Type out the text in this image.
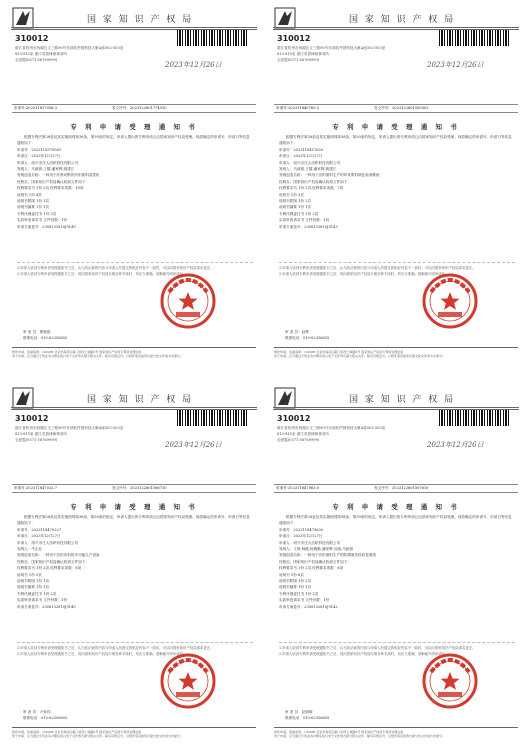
国 家 知 识 产 权 局
310012
浙江省杭州市西湖区文三路90号东部软件园科技大厦A座502-503室
813-815室 浙江英普律师事务所
毛爱霞(0571-56769999)
2023年12月26日
申请号: 202311837056.3	发文序号: 2023122601774510
专 利 申 请 受 理 通 知 书
根据专利法第28条及其实施细则第38条、第39条的规定，申请人提出的专利申请已由国家知识产权局受理。现将确定的申请号、申请日等信息通知如下：
申请号：2023118370563
申请日：2023年12月27日
申请人：绍兴市庄大纺织科技有限公司
发明人：马政骐,王耀,潘家辉,姚建江
发明创造名称：一种用于纤维切断的纺织面料清洗机
经核实，国家知识产权局确认收到文件如下：
权利要求书 1份 2页,权利要求项数：10项
说明书 1份 4页
说明书附图 1份 3页
说明书摘要 1份 1页
专利代理委托书 1份 2页
实质审查请求书 文件份数：1份
申请方案卷号：2308132810J9149
1.申请人收到专利申请受理通知书之后，认为其记载的内容与申请人所提交的相应内容不一致时，可以向国家知识产权局请求更正。
2.申请人收到专利申请受理通知书之后，再向国家知识产权局办理各种手续时，均应当准确、清晰地写明申请号。
审 查 员：曹艳艳
联系电话：010-62356655
纸件申请，回函请寄：100088 北京市海淀区蓟门桥西土城路6号 国家知识产权局专利局受理处收
电子申请，应当通过专利业务办理系统以电子文件形式提交相关文件。除另有规定外，以纸件等其他形式提交的文件视为未提交。
国 家 知 识 产 权 局
310012
浙江省杭州市西湖区文三路90号东部软件园科技大厦A座502-503室
813-815室 浙江英普律师事务所
毛爱霞(0571-56769999)
2023年12月26日
申请号: 202311845765.0	发文序号: 2023122601550502
专 利 申 请 受 理 通 知 书
根据专利法第28条及其实施细则第38条、第39条的规定，申请人提出的专利申请已由国家知识产权局受理。现将确定的申请号、申请日等信息通知如下：
申请号：2023118457650
申请日：2023年12月27日
申请人：绍兴市庄大纺织科技有限公司
发明人：马政骐,王耀,潘家辉,姚建江
发明创造名称：一种用于纺织面料生产的印染浆料颜色检测系统
经核实，国家知识产权局确认收到文件如下：
权利要求书 1份 2页,权利要求项数：7项
说明书 1份 5页
说明书附图 1份 2页
说明书摘要 1份 1页
专利代理委托书 1份 2页
实质审查请求书 文件份数：1份
申请方案卷号：2308132810J9143
1.申请人收到专利申请受理通知书之后，认为其记载的内容与申请人所提交的相应内容不一致时，可以向国家知识产权局请求更正。
2.申请人收到专利申请受理通知书之后，再向国家知识产权局办理各种手续时，均应当准确、清晰地写明申请号。
审 查 员：赵辉
联系电话：010-62356655
纸件申请，回函请寄：100088 北京市海淀区蓟门桥西土城路6号 国家知识产权局专利局受理处收
电子申请，应当通过专利业务办理系统以电子文件形式提交相关文件。除另有规定外，以纸件等其他形式提交的文件视为未提交。
国 家 知 识 产 权 局
310012
浙江省杭州市西湖区文三路90号东部软件园科技大厦A座502-503室
813-815室 浙江英普律师事务所
毛爱霞(0571-56769999)
2023年12月26日
申请号: 202311847022.7	发文序号: 2023122601566710
专 利 申 请 受 理 通 知 书
根据专利法第28条及其实施细则第38条、第39条的规定，申请人提出的专利申请已由国家知识产权局受理。现将确定的申请号、申请日等信息通知如下：
申请号：2023118470227
申请日：2023年12月27日
申请人：绍兴市庄大纺织科技有限公司
发明人：牛企业
发明创造名称：一种用于纺织布料的多功能生产设备
经核实，国家知识产权局确认收到文件如下：
权利要求书 1份 2页,权利要求项数：8项
说明书 1份 5页
说明书附图 1份 1页
说明书摘要 1份 1页
专利代理委托书 1份 2页
实质审查请求书 文件份数：1份
申请方案卷号：2308132810J9140
1.申请人收到专利申请受理通知书之后，认为其记载的内容与申请人所提交的相应内容不一致时，可以向国家知识产权局请求更正。
2.申请人收到专利申请受理通知书之后，再向国家知识产权局办理各种手续时，均应当准确、清晰地写明申请号。
审 查 员：卢家祥
联系电话：010-62356655
纸件申请，回函请寄：100088 北京市海淀区蓟门桥西土城路6号 国家知识产权局专利局受理处收
电子申请，应当通过专利业务办理系统以电子文件形式提交相关文件。除另有规定外，以纸件等其他形式提交的文件视为未提交。
国 家 知 识 产 权 局
310012
浙江省杭州市西湖区文三路90号东部软件园科技大厦A座502-503室
813-815室 浙江英普律师事务所
毛爱霞(0571-56769999)
2023年12月26日
申请号: 202311847963.0	发文序号: 2023122601567610
专 利 申 请 受 理 通 知 书
根据专利法第28条及其实施细则第38条、第39条的规定，申请人提出的专利申请已由国家知识产权局受理。现将确定的申请号、申请日等信息通知如下：
申请号：2023118479630
申请日：2023年12月27日
申请人：绍兴市庄大纺织科技有限公司
发明人：王铮,杨健,杨雅勤,潘家辉,沈晓,马政骐
发明创造名称：一种用于纺织面料生产的防褶皱布料收卷系统
经核实，国家知识产权局确认收到文件如下：
权利要求书 1份 2页,权利要求项数：8项
说明书 1份 6页
说明书附图 1份 2页
说明书摘要 1份 1页
专利代理委托书 1份 2页
实质审查请求书 文件份数：1份
申请方案卷号：2308132810J9142
1.申请人收到专利申请受理通知书之后，认为其记载的内容与申请人所提交的相应内容不一致时，可以向国家知识产权局请求更正。
2.申请人收到专利申请受理通知书之后，再向国家知识产权局办理各种手续时，均应当准确、清晰地写明申请号。
审 查 员：赵嫦娥
联系电话：010-62356655
纸件申请，回函请寄：100088 北京市海淀区蓟门桥西土城路6号 国家知识产权局专利局受理处收
电子申请，应当通过专利业务办理系统以电子文件形式提交相关文件。除另有规定外，以纸件等其他形式提交的文件视为未提交。
